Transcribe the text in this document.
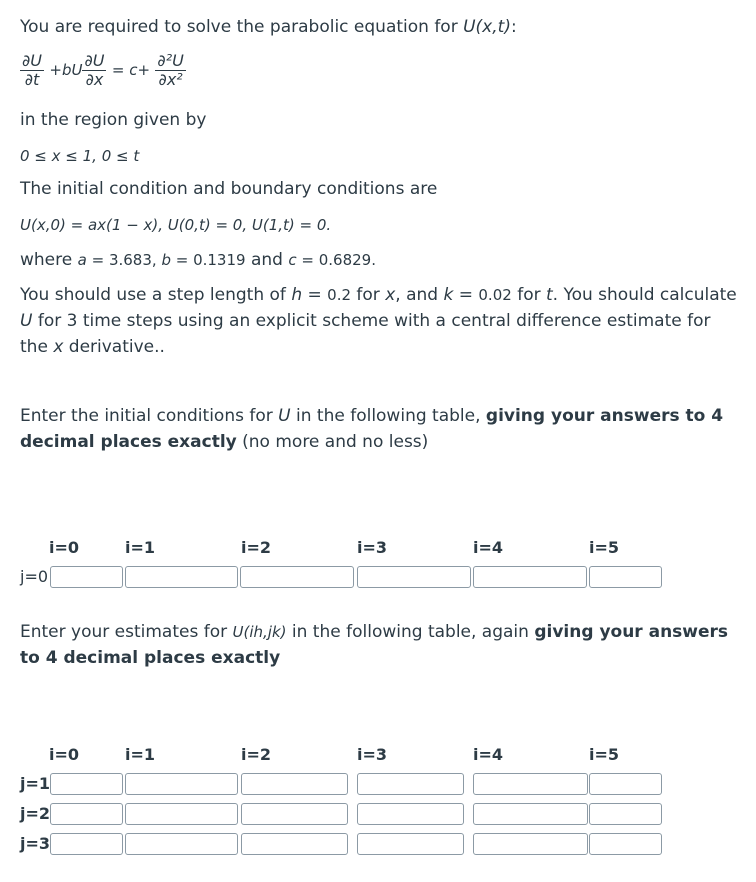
You are required to solve the parabolic equation for U(x,t):
$\frac{\partial U}{\partial t} +bU \frac{\partial U}{\partial x} = c+ \frac{\text{∂²U}}{\text{∂x²}}$
in the region given by
0 ≤ x ≤ 1, 0 ≤ t
The initial condition and boundary conditions are
U(x,0) = ax(1 − x), U(0,t) = 0, U(1,t) = 0.
where a = 3.683, b = 0.1319 and c = 0.6829.
You should use a step length of h = 0.2 for x, and k = 0.02 for t. You should calculate U for 3 time steps using an explicit scheme with a central difference estimate for the x derivative..
Enter the initial conditions for U in the following table, giving your answers to 4 decimal places exactly (no more and no less)
i=0	i=1	i=2	i=3	i=4	i=5
j=0
Enter your estimates for U(ih,jk) in the following table, again giving your answers to 4 decimal places exactly
i=0	i=1	i=2	i=3	i=4	i=5
j=1
j=2
j=3
